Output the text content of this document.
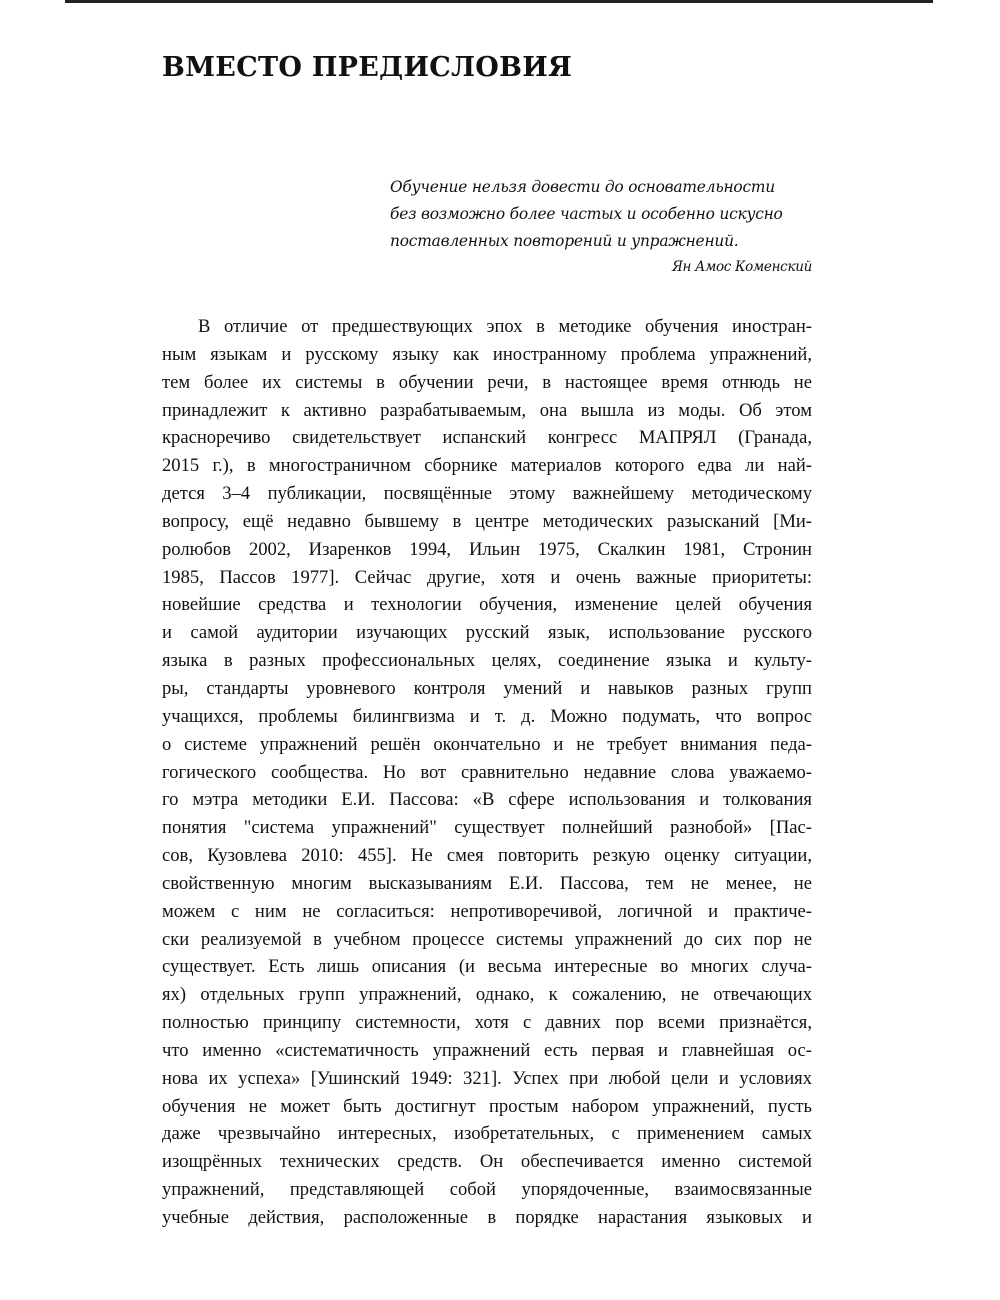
ВМЕСТО ПРЕДИСЛОВИЯ
Обучение нельзя довести до основательности
без возможно более частых и особенно искусно
поставленных повторений и упражнений.
Ян Амос Коменский
В отличие от предшествующих эпох в методике обучения иностран-
ным языкам и русскому языку как иностранному проблема упражнений,
тем более их системы в обучении речи, в настоящее время отнюдь не
принадлежит к активно разрабатываемым, она вышла из моды. Об этом
красноречиво свидетельствует испанский конгресс МАПРЯЛ (Гранада,
2015 г.), в многостраничном сборнике материалов которого едва ли най-
дется 3–4 публикации, посвящённые этому важнейшему методическому
вопросу, ещё недавно бывшему в центре методических разысканий [Ми-
ролюбов 2002, Изаренков 1994, Ильин 1975, Скалкин 1981, Стронин
1985, Пассов 1977]. Сейчас другие, хотя и очень важные приоритеты:
новейшие средства и технологии обучения, изменение целей обучения
и самой аудитории изучающих русский язык, использование русского
языка в разных профессиональных целях, соединение языка и культу-
ры, стандарты уровневого контроля умений и навыков разных групп
учащихся, проблемы билингвизма и т. д. Можно подумать, что вопрос
о системе упражнений решён окончательно и не требует внимания педа-
гогического сообщества. Но вот сравнительно недавние слова уважаемо-
го мэтра методики Е.И. Пассова: «В сфере использования и толкования
понятия "система упражнений" существует полнейший разнобой» [Пас-
сов, Кузовлева 2010: 455]. Не смея повторить резкую оценку ситуации,
свойственную многим высказываниям Е.И. Пассова, тем не менее, не
можем с ним не согласиться: непротиворечивой, логичной и практиче-
ски реализуемой в учебном процессе системы упражнений до сих пор не
существует. Есть лишь описания (и весьма интересные во многих случа-
ях) отдельных групп упражнений, однако, к сожалению, не отвечающих
полностью принципу системности, хотя с давних пор всеми признаётся,
что именно «систематичность упражнений есть первая и главнейшая ос-
нова их успеха» [Ушинский 1949: 321]. Успех при любой цели и условиях
обучения не может быть достигнут простым набором упражнений, пусть
даже чрезвычайно интересных, изобретательных, с применением самых
изощрённых технических средств. Он обеспечивается именно системой
упражнений, представляющей собой упорядоченные, взаимосвязанные
учебные действия, расположенные в порядке нарастания языковых и
